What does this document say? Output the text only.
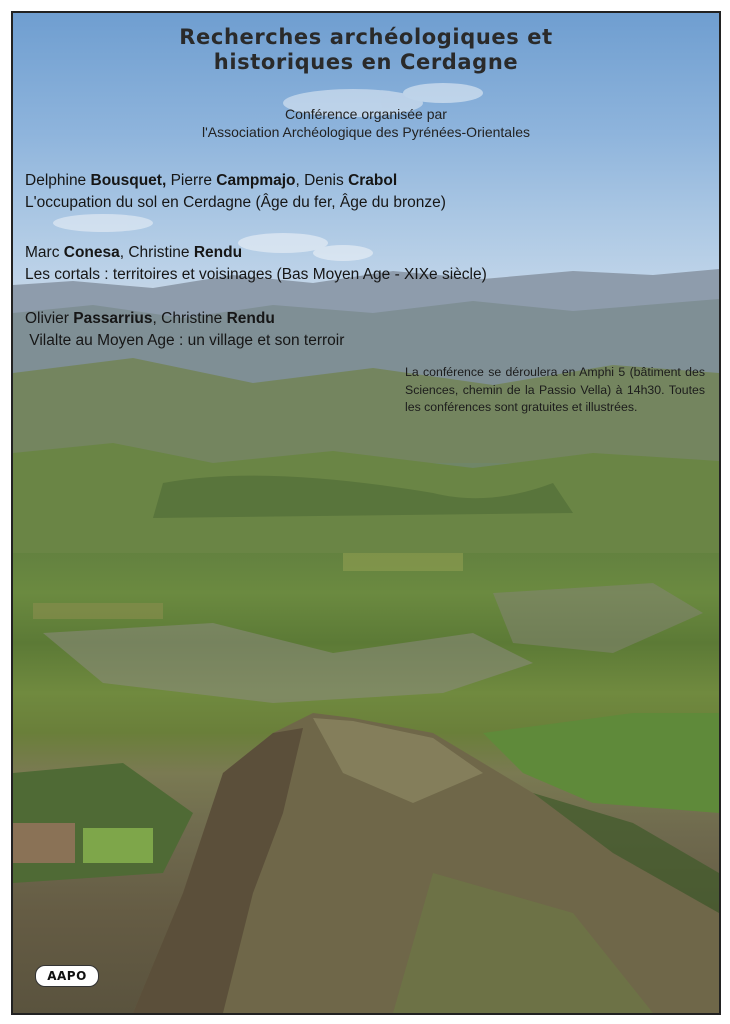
Recherches archéologiques et
historiques en Cerdagne
Conférence organisée par
l'Association Archéologique des Pyrénées-Orientales
Delphine Bousquet, Pierre Campmajo, Denis Crabol
L'occupation du sol en Cerdagne (Âge du fer, Âge du bronze)
Marc Conesa, Christine Rendu
Les cortals : territoires et voisinages (Bas Moyen Age - XIXe siècle)
Olivier Passarrius, Christine Rendu
Vilalte au Moyen Age : un village et son terroir
La conférence se déroulera en Amphi 5 (bâtiment des Sciences, chemin de la Passio Vella) à 14h30. Toutes les conférences sont gratuites et illustrées.
AAPO
